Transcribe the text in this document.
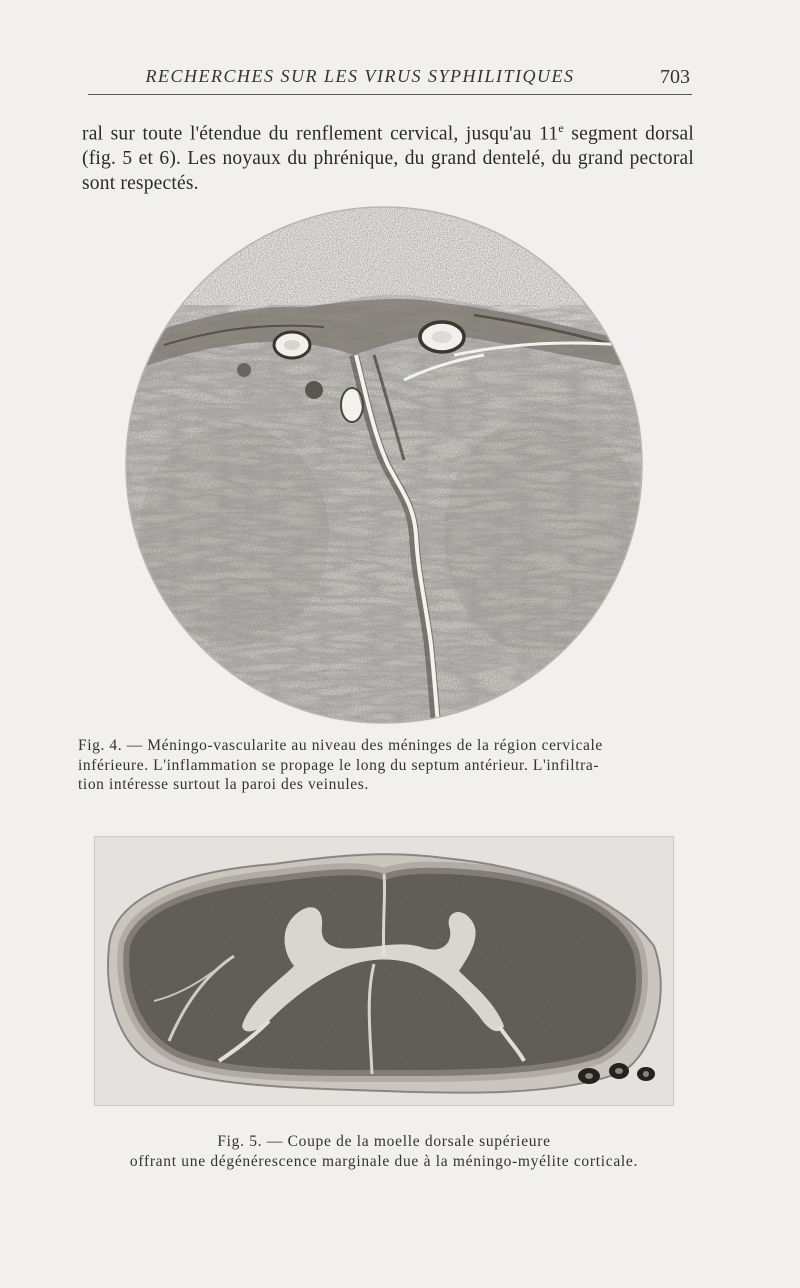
RECHERCHES SUR LES VIRUS SYPHILITIQUES	703

ral sur toute l'étendue du renflement cervical, jusqu'au 11e segment dorsal (fig. 5 et 6). Les noyaux du phrénique, du grand dentelé, du grand pectoral sont respectés.

Fig. 4. — Méningo-vascularite au niveau des méninges de la région cervicale
inférieure. L'inflammation se propage le long du septum antérieur. L'infiltra-
tion intéresse surtout la paroi des veinules.

Fig. 5. — Coupe de la moelle dorsale supérieure
offrant une dégénérescence marginale due à la méningo-myélite corticale.
